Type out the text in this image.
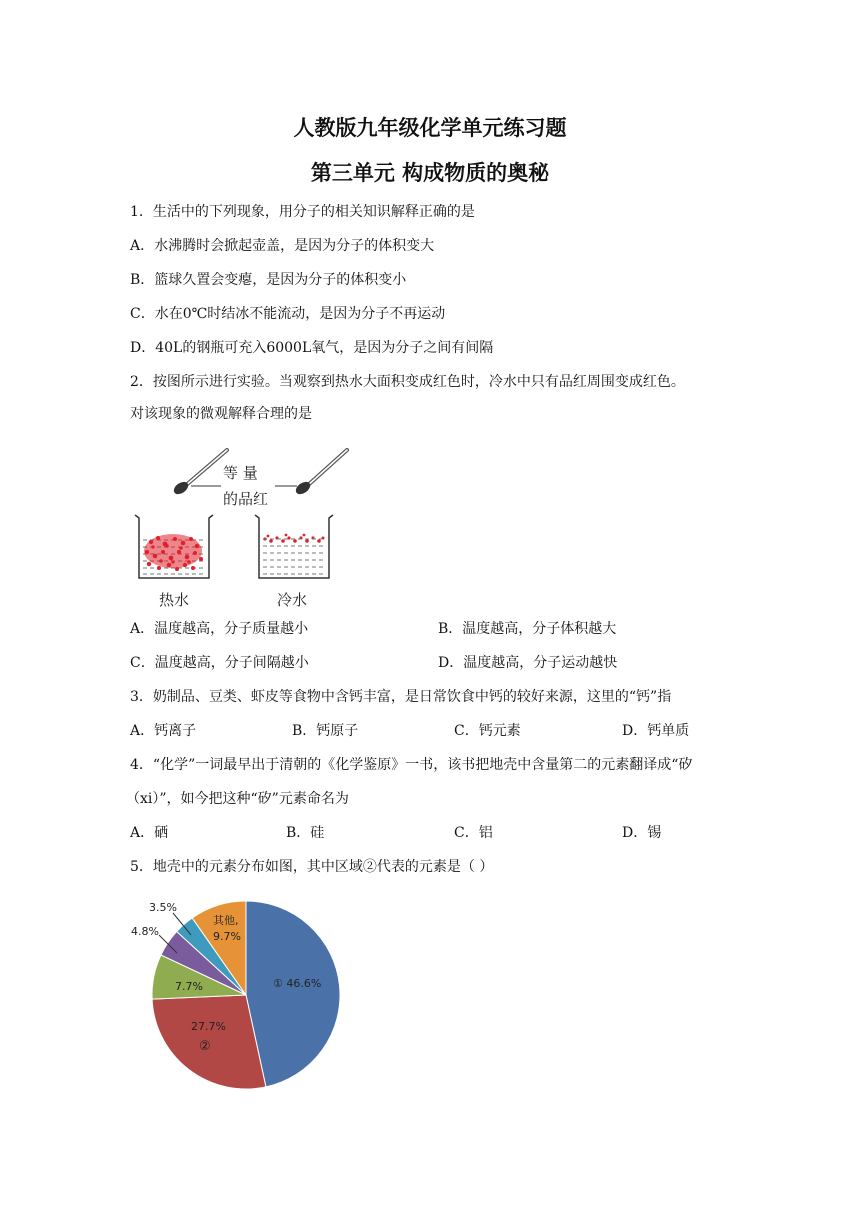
人教版九年级化学单元练习题
第三单元 构成物质的奥秘
1．生活中的下列现象，用分子的相关知识解释正确的是
A．水沸腾时会掀起壶盖，是因为分子的体积变大
B．篮球久置会变瘪，是因为分子的体积变小
C．水在0℃时结冰不能流动，是因为分子不再运动
D．40L的钢瓶可充入6000L氧气，是因为分子之间有间隔
2．按图所示进行实验。当观察到热水大面积变成红色时，冷水中只有品红周围变成红色。
对该现象的微观解释合理的是
等 量
的品红
热水	冷水
A．温度越高，分子质量越小	B．温度越高，分子体积越大
C．温度越高，分子间隔越小	D．温度越高，分子运动越快
3．奶制品、豆类、虾皮等食物中含钙丰富，是日常饮食中钙的较好来源，这里的“钙”指
A．钙离子	B．钙原子	C．钙元素	D．钙单质
4．“化学”一词最早出于清朝的《化学鉴原》一书，该书把地壳中含量第二的元素翻译成“矽
（xi）”，如今把这种“矽”元素命名为
A．硒	B．硅	C．铝	D．锡
5．地壳中的元素分布如图，其中区域②代表的元素是（ ）
① 46.6%
27.7%
②
7.7%
4.8%
3.5%
其他,
9.7%
